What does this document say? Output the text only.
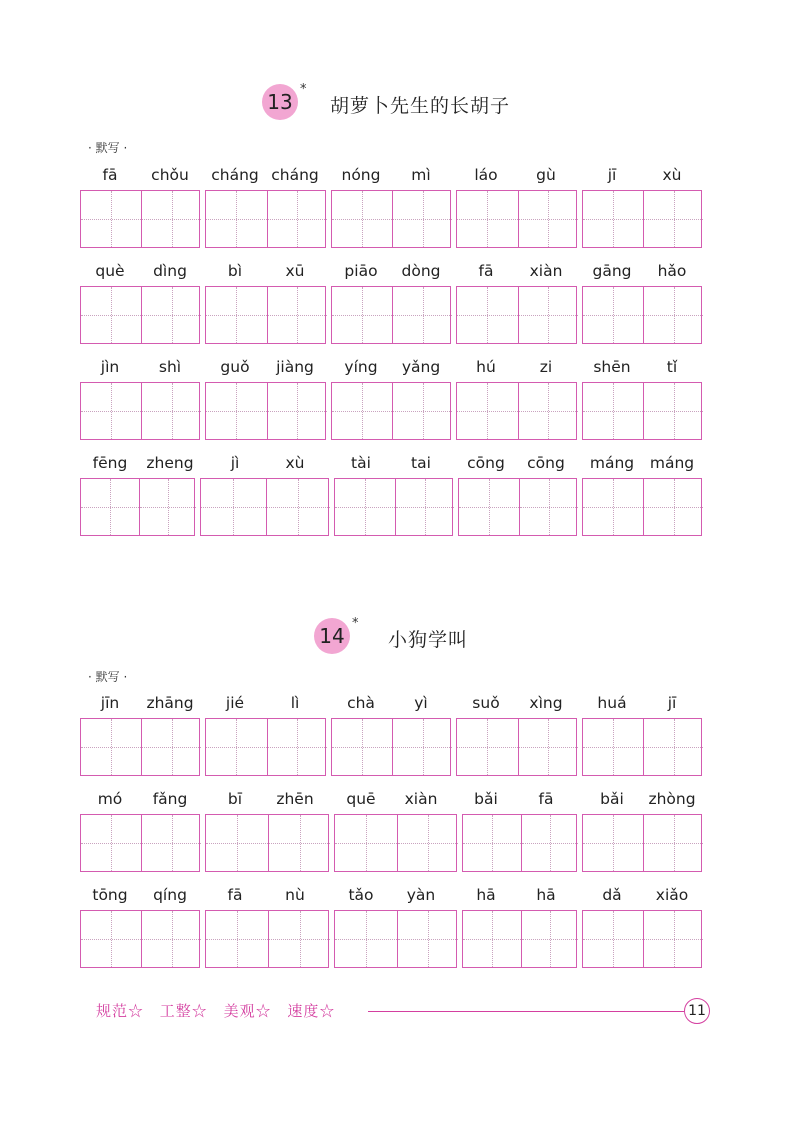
13
*
胡萝卜先生的长胡子
· 默写 ·
fā	chǒu	cháng cháng	nóng	mì	láo	gù	jī	xù
què	dìng	bì	xū	piāo	dòng	fā	xiàn	gāng	hǎo
jìn	shì	guǒ	jiàng	yíng	yǎng	hú	zi	shēn	tǐ
fēng	zheng	jì	xù	tài	tai	cōng	cōng	máng	máng
14
*
小狗学叫
· 默写 ·
jīn	zhāng	jié	lì	chà	yì	suǒ	xìng	huá	jī
mó	fǎng	bī	zhēn	quē	xiàn	bǎi	fā	bǎi	zhòng
tōng	qíng	fā	nù	tǎo	yàn	hā	hā	dǎ	xiǎo
规范☆ 工整☆ 美观☆ 速度☆	11
